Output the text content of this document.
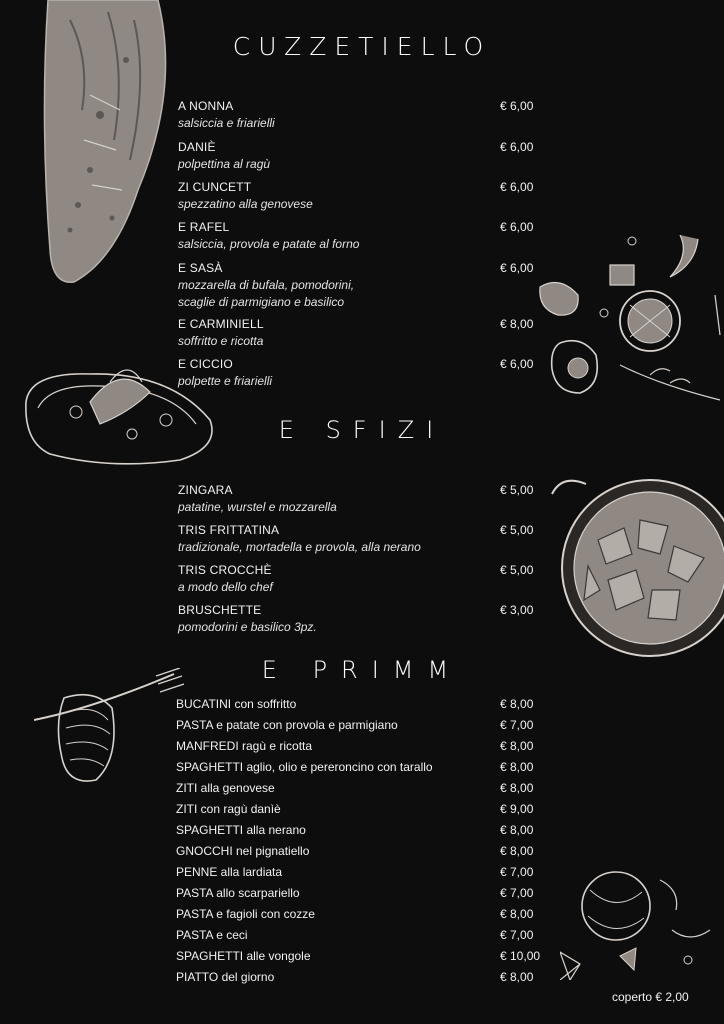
CUZZETIELLO
A NONNA
salsiccia e friarielli
€ 6,00
DANIÈ
polpettina al ragù
€ 6,00
ZI CUNCETT
spezzatino alla genovese
€ 6,00
E RAFEL
salsiccia, provola e patate al forno
€ 6,00
E SASÀ
mozzarella di bufala, pomodorini,
scaglie di parmigiano e basilico
€ 6,00
E CARMINIELL
soffritto e ricotta
€ 8,00
E CICCIO
polpette e friarielli
€ 6,00
E SFIZI
ZINGARA
patatine, wurstel e mozzarella
€ 5,00
TRIS FRITTATINA
tradizionale, mortadella e provola, alla nerano
€ 5,00
TRIS CROCCHÈ
a modo dello chef
€ 5,00
BRUSCHETTE
pomodorini e basilico 3pz.
€ 3,00
E PRIMM
BUCATINI con soffritto	€ 8,00
PASTA e patate con provola e parmigiano	€ 7,00
MANFREDI ragù e ricotta	€ 8,00
SPAGHETTI aglio, olio e pereroncino con tarallo	€ 8,00
ZITI alla genovese	€ 8,00
ZITI con ragù danìè	€ 9,00
SPAGHETTI alla nerano	€ 8,00
GNOCCHI nel pignatiello	€ 8,00
PENNE alla lardiata	€ 7,00
PASTA allo scarpariello	€ 7,00
PASTA e fagioli con cozze	€ 8,00
PASTA e ceci	€ 7,00
SPAGHETTI alle vongole	€ 10,00
PIATTO del giorno	€ 8,00
coperto € 2,00
